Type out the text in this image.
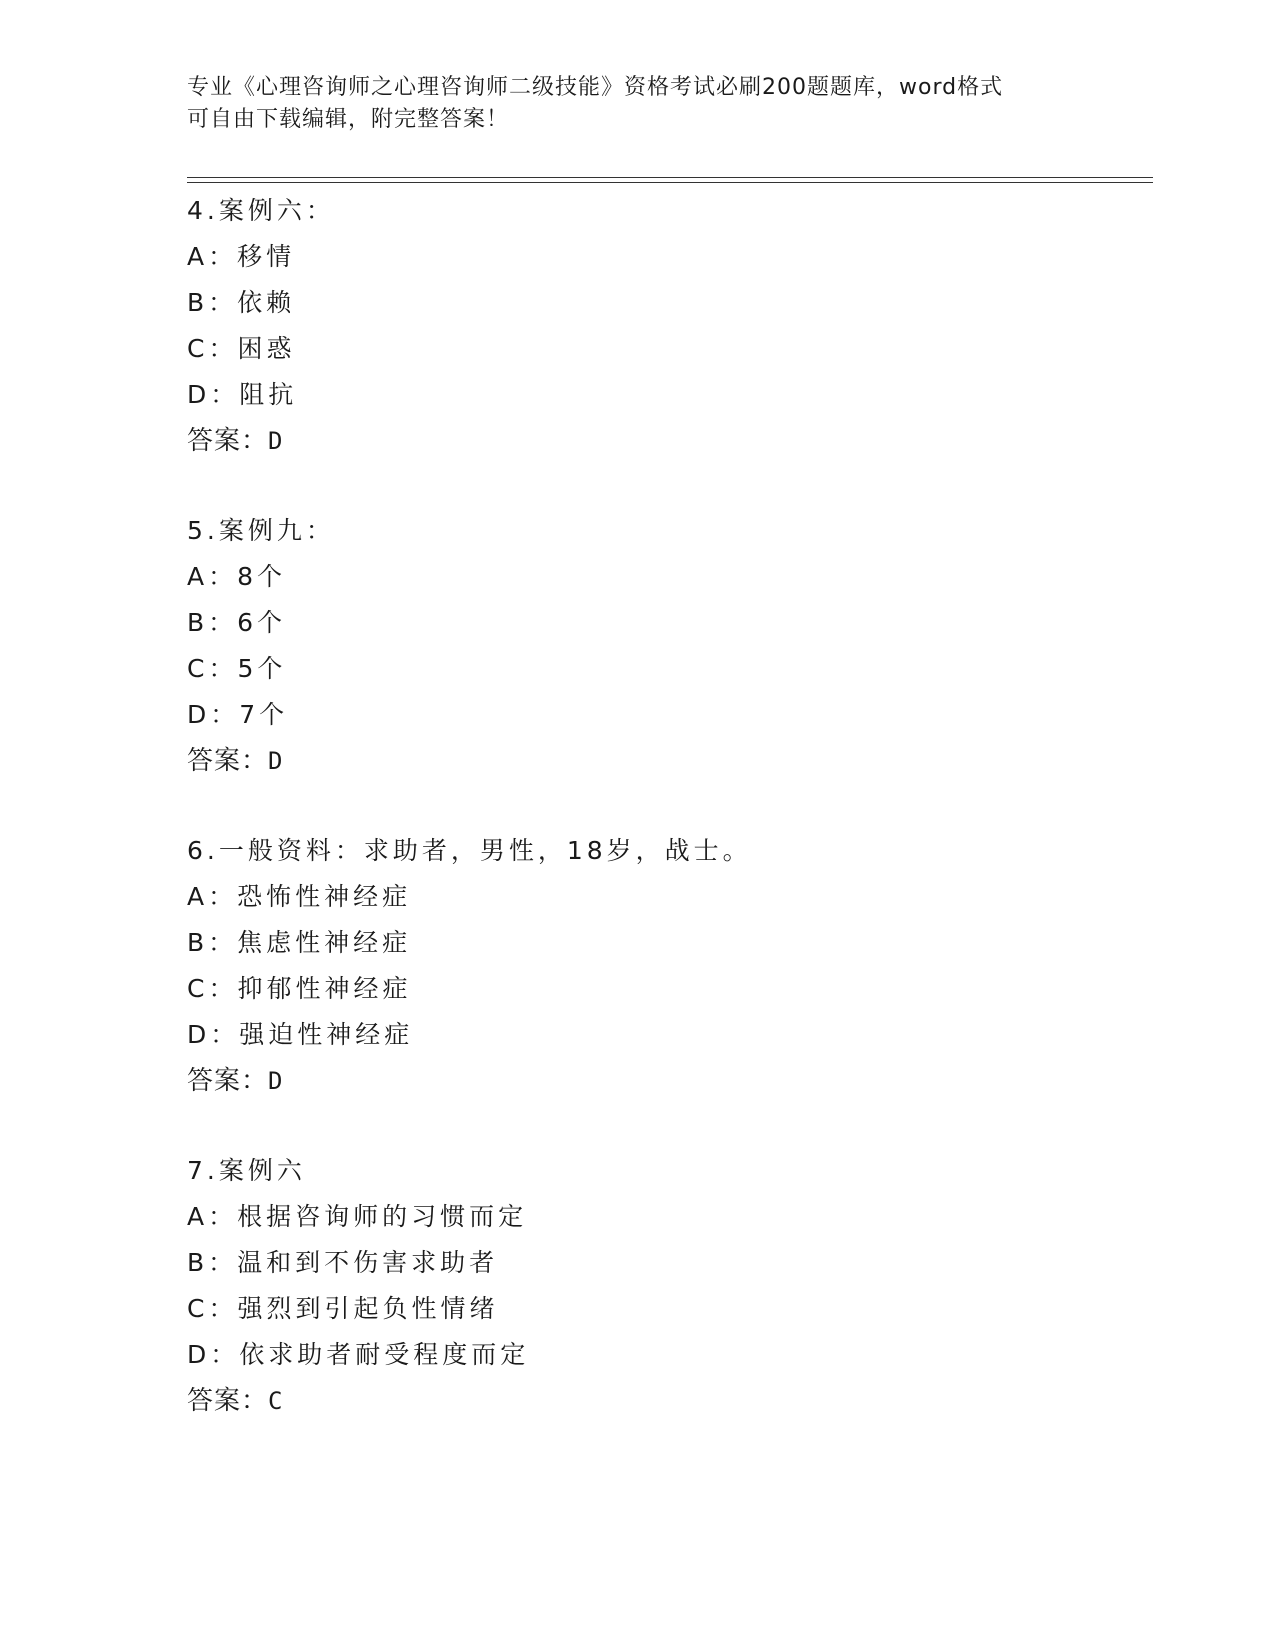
专业《心理咨询师之心理咨询师二级技能》资格考试必刷200题题库，word格式
可自由下载编辑，附完整答案！
4.案例六：
A：移情
B：依赖
C：困惑
D：阻抗
答案：D
5.案例九：
A：8个
B：6个
C：5个
D：7个
答案：D
6.一般资料：求助者，男性，18岁，战士。
A：恐怖性神经症
B：焦虑性神经症
C：抑郁性神经症
D：强迫性神经症
答案：D
7.案例六
A：根据咨询师的习惯而定
B：温和到不伤害求助者
C：强烈到引起负性情绪
D：依求助者耐受程度而定
答案：C
